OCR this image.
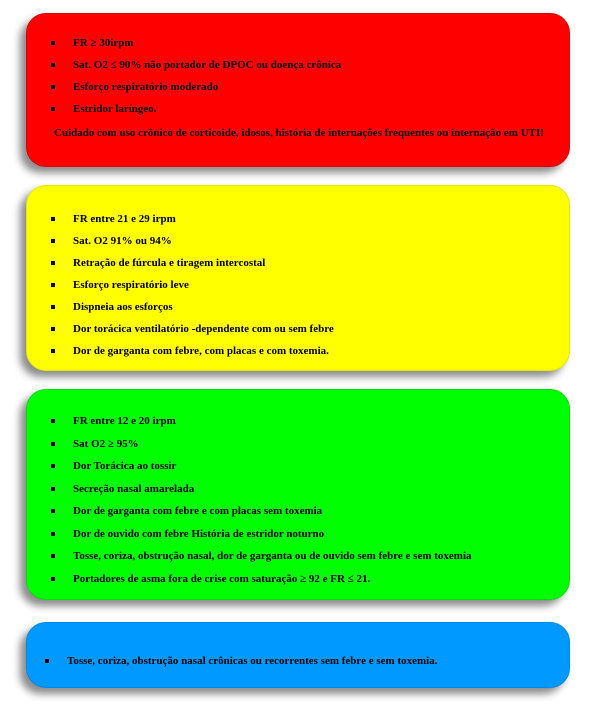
FR ≥ 30irpm
Sat. O2 ≤ 90% não portador de DPOC ou doença crônica
Esforço respiratório moderado
Estridor laríngeo.
Cuidado com uso crônico de corticoide, idosos, história de internações frequentes ou internação em UTI!
FR entre 21 e 29 irpm
Sat. O2 91% ou 94%
Retração de fúrcula e tiragem intercostal
Esforço respiratório leve
Dispneia aos esforços
Dor torácica ventilatório -dependente com ou sem febre
Dor de garganta com febre, com placas e com toxemia.
FR entre 12 e 20 irpm
Sat O2 ≥ 95%
Dor Torácica ao tossir
Secreção nasal amarelada
Dor de garganta com febre e com placas sem toxemia
Dor de ouvido com febre História de estridor noturno
Tosse, coriza, obstrução nasal, dor de garganta ou de ouvido sem febre e sem toxemia
Portadores de asma fora de crise com saturação ≥ 92 e FR ≤ 21.
Tosse, coriza, obstrução nasal crônicas ou recorrentes sem febre e sem toxemia.
